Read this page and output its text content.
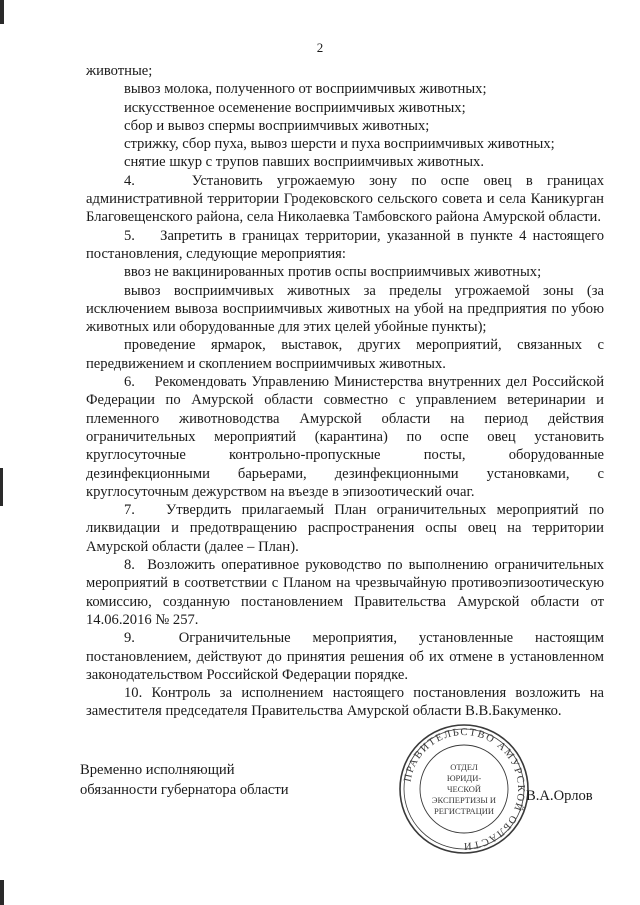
2

животные;

вывоз молока, полученного от восприимчивых животных;

искусственное осеменение восприимчивых животных;

сбор и вывоз спермы восприимчивых животных;

стрижку, сбор пуха, вывоз шерсти и пуха восприимчивых животных;

снятие шкур с трупов павших восприимчивых животных.

4.    Установить угрожаемую зону по оспе овец в границах административной территории Гродековского сельского совета и села Каникурган Благовещенского района, села Николаевка Тамбовского района Амурской области.

5.    Запретить в границах территории, указанной в пункте 4 настоящего постановления, следующие мероприятия:

ввоз не вакцинированных против оспы восприимчивых животных;

вывоз восприимчивых животных за пределы угрожаемой зоны (за исключением вывоза восприимчивых животных на убой на предприятия по убою животных или оборудованные для этих целей убойные пункты);

проведение ярмарок, выставок, других мероприятий, связанных с передвижением и скоплением восприимчивых животных.

6.    Рекомендовать Управлению Министерства внутренних дел Российской Федерации по Амурской области совместно с управлением ветеринарии и племенного животноводства Амурской области на период действия ограничительных мероприятий (карантина) по оспе овец установить круглосуточные контрольно-пропускные посты, оборудованные дезинфекционными барьерами, дезинфекционными установками, с круглосуточным дежурством на въезде в эпизоотический очаг.

7.   Утвердить прилагаемый План ограничительных мероприятий по ликвидации и предотвращению распространения оспы овец на территории Амурской области (далее – План).

8.  Возложить оперативное руководство по выполнению ограничительных мероприятий в соответствии с Планом на чрезвычайную противоэпизоотическую комиссию, созданную постановлением Правительства Амурской области от 14.06.2016 № 257.

9.  Ограничительные мероприятия, установленные настоящим постановлением, действуют до принятия решения об их отмене в установленном законодательством Российской Федерации порядке.

10. Контроль за исполнением настоящего постановления возложить на заместителя председателя Правительства Амурской области В.В.Бакуменко.

Временно исполняющий
обязанности губернатора области
ПРАВИТЕЛЬСТВО АМУРСКОЙ ОБЛАСТИ
ОТДЕЛ
ЮРИДИ-
ЧЕСКОЙ
ЭКСПЕРТИЗЫ И
РЕГИСТРАЦИИ
В.А.Орлов
